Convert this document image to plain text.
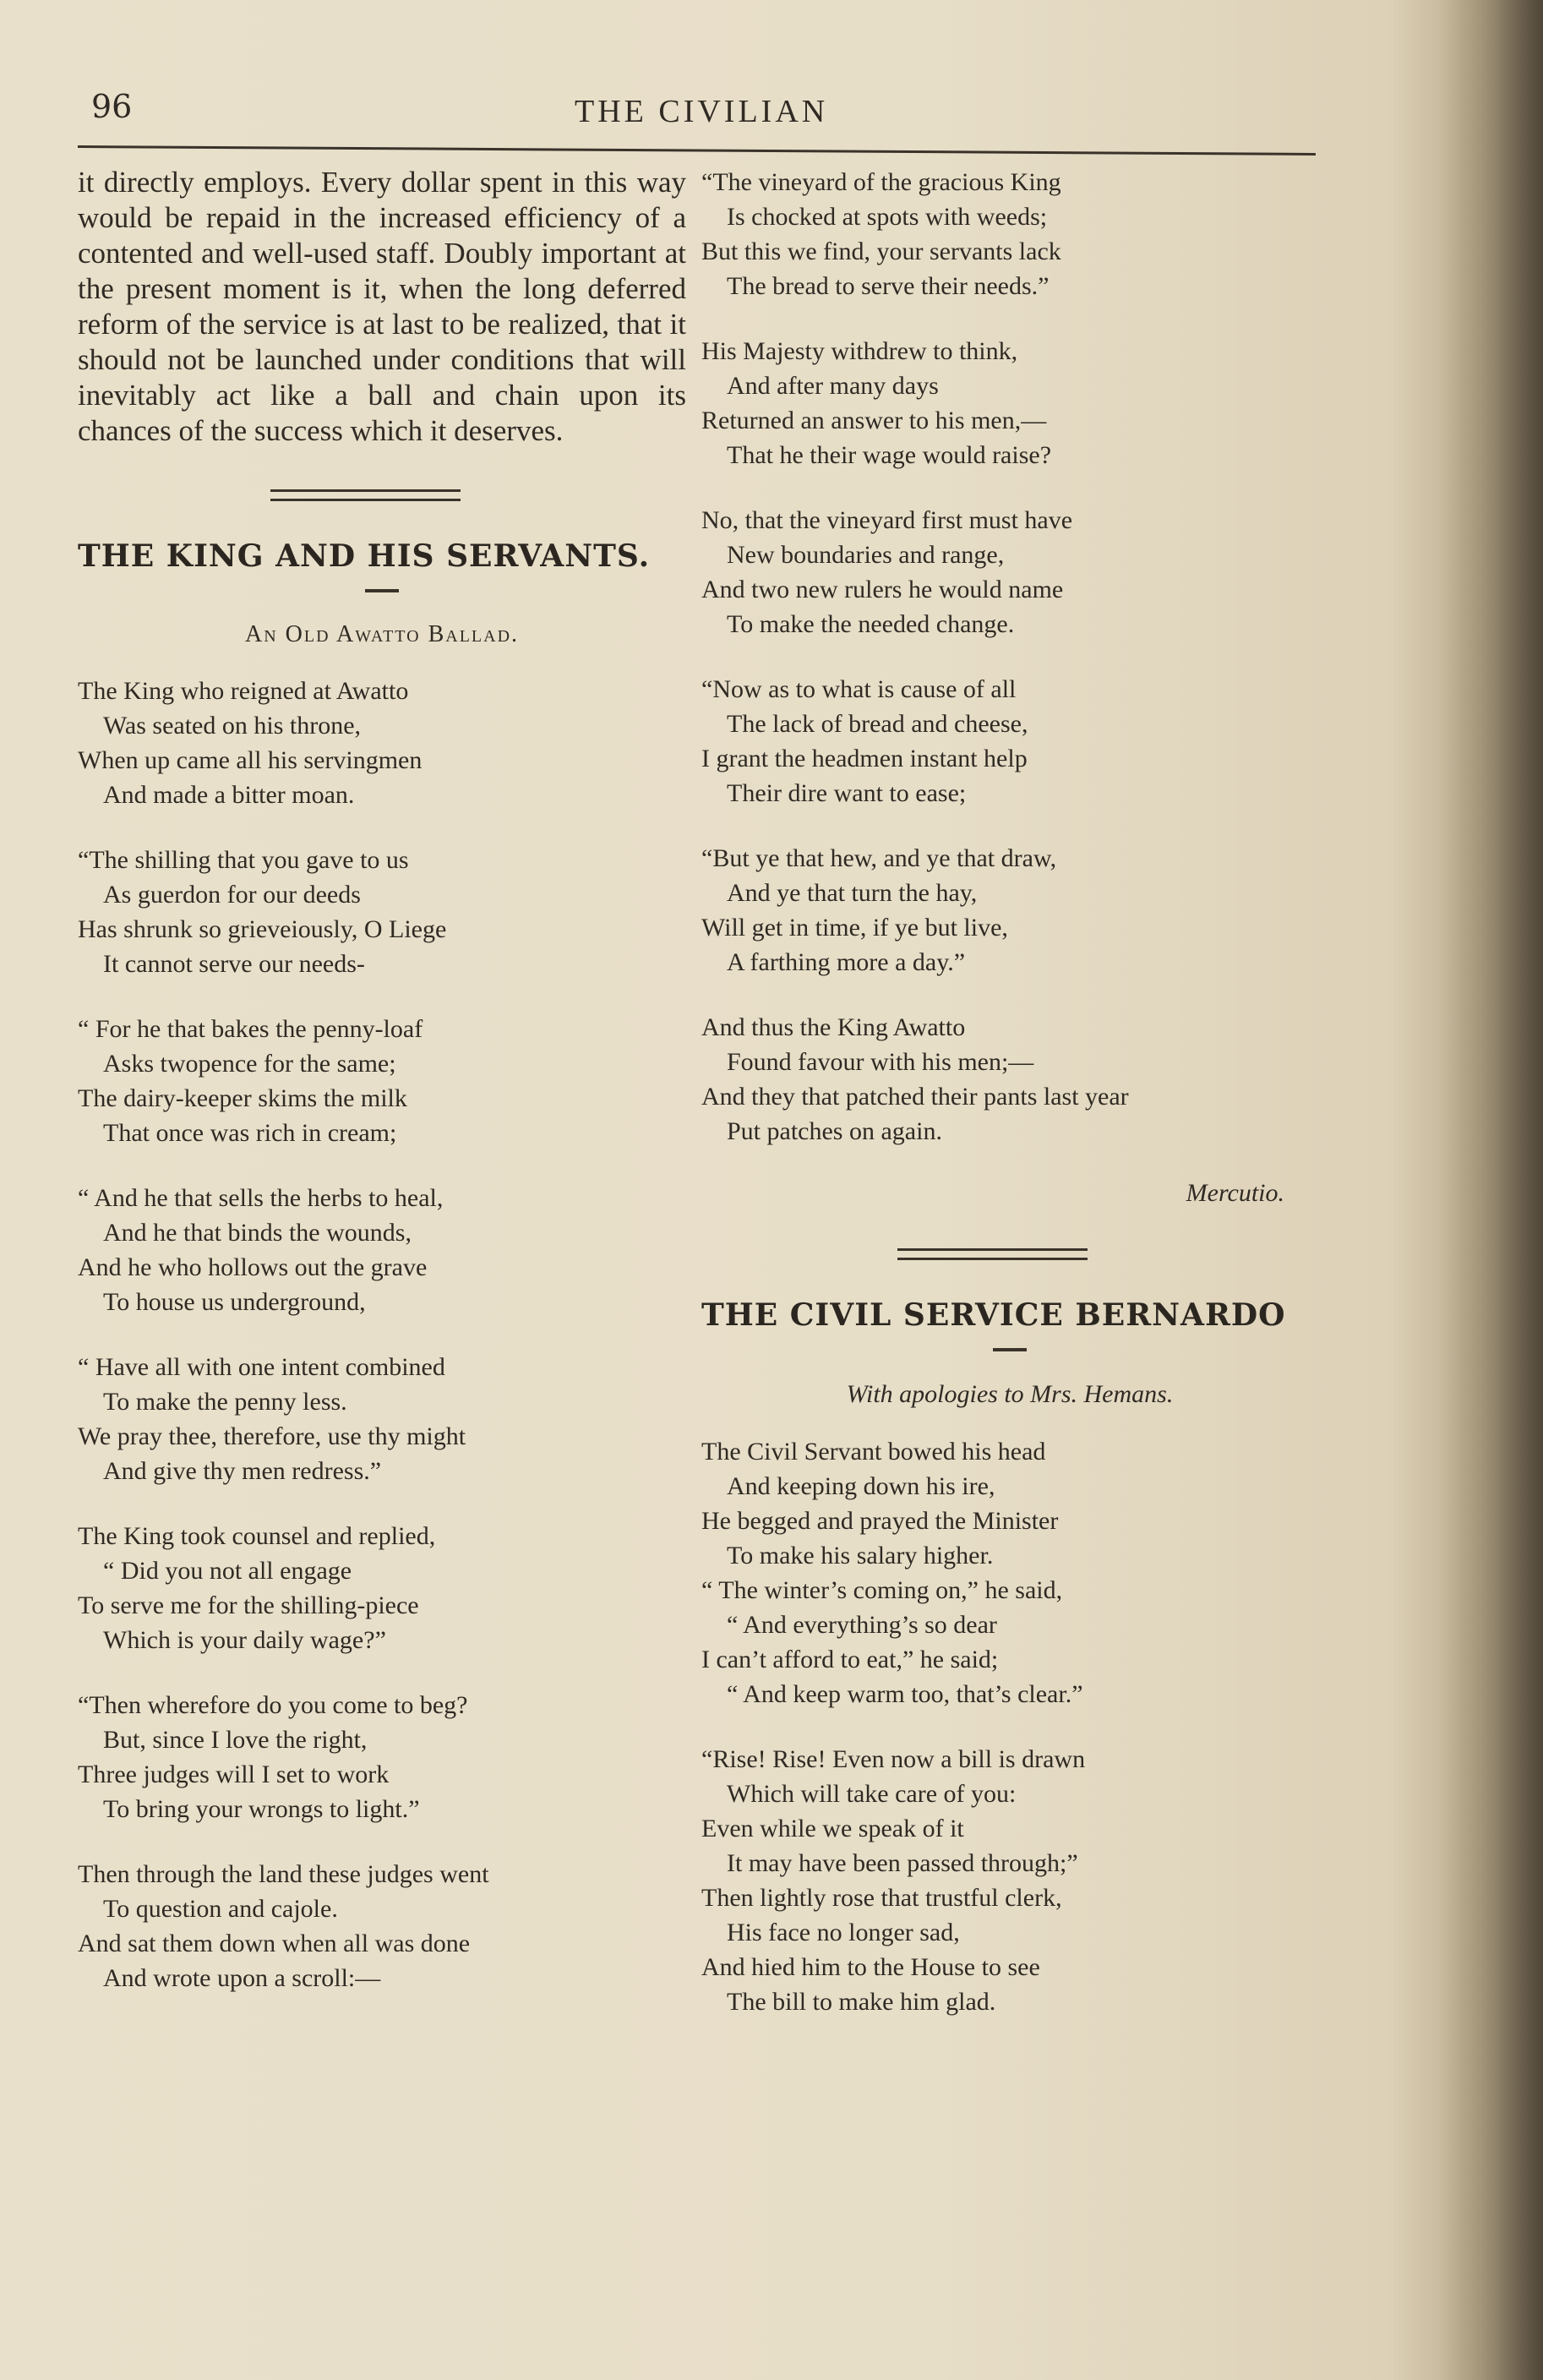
96	THE CIVILIAN

it directly employs. Every dollar spent in this way would be repaid in the increased efficiency of a contented and well-used staff. Doubly important at the present moment is it, when the long deferred reform of the service is at last to be realized, that it should not be launched under conditions that will inevitably act like a ball and chain upon its chances of the success which it deserves.

THE KING AND HIS SERVANTS.
An Old Awatto Ballad.
The King who reigned at Awatto
Was seated on his throne,
When up came all his servingmen
And made a bitter moan.
“The shilling that you gave to us
As guerdon for our deeds
Has shrunk so grieveiously, O Liege
It cannot serve our needs-
“ For he that bakes the penny-loaf
Asks twopence for the same;
The dairy-keeper skims the milk
That once was rich in cream;
“ And he that sells the herbs to heal,
And he that binds the wounds,
And he who hollows out the grave
To house us underground,
“ Have all with one intent combined
To make the penny less.
We pray thee, therefore, use thy might
And give thy men redress.”
The King took counsel and replied,
“ Did you not all engage
To serve me for the shilling-piece
Which is your daily wage?”
“Then wherefore do you come to beg?
But, since I love the right,
Three judges will I set to work
To bring your wrongs to light.”
Then through the land these judges went
To question and cajole.
And sat them down when all was done
And wrote upon a scroll:—
“The vineyard of the gracious King
Is chocked at spots with weeds;
But this we find, your servants lack
The bread to serve their needs.”
His Majesty withdrew to think,
And after many days
Returned an answer to his men,—
That he their wage would raise?
No, that the vineyard first must have
New boundaries and range,
And two new rulers he would name
To make the needed change.
“Now as to what is cause of all
The lack of bread and cheese,
I grant the headmen instant help
Their dire want to ease;
“But ye that hew, and ye that draw,
And ye that turn the hay,
Will get in time, if ye but live,
A farthing more a day.”
And thus the King Awatto
Found favour with his men;—
And they that patched their pants last year
Put patches on again.
Mercutio.
THE CIVIL SERVICE BERNARDO
With apologies to Mrs. Hemans.
The Civil Servant bowed his head
And keeping down his ire,
He begged and prayed the Minister
To make his salary higher.
“ The winter’s coming on,” he said,
“ And everything’s so dear
I can’t afford to eat,” he said;
“ And keep warm too, that’s clear.”
“Rise! Rise! Even now a bill is drawn
Which will take care of you:
Even while we speak of it
It may have been passed through;”
Then lightly rose that trustful clerk,
His face no longer sad,
And hied him to the House to see
The bill to make him glad.
